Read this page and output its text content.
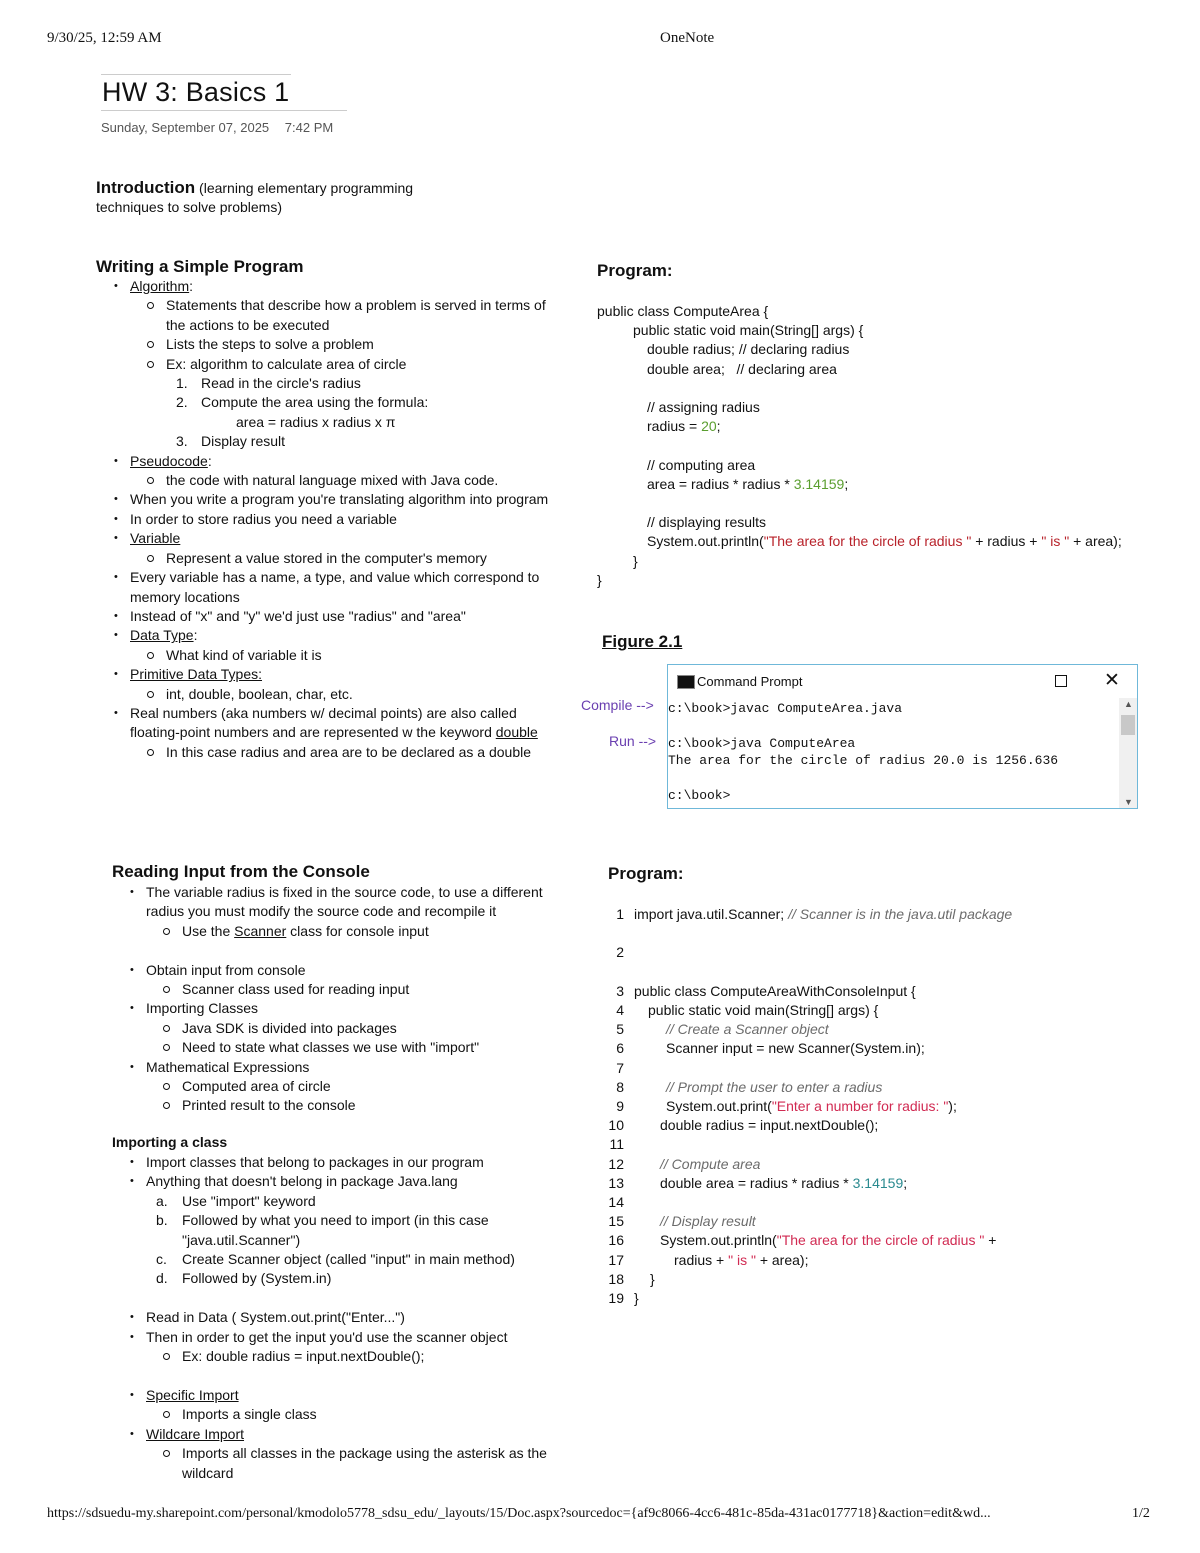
9/30/25, 12:59 AM	OneNote
HW 3: Basics 1
Sunday, September 07, 2025 7:42 PM
Introduction (learning elementary programming
techniques to solve problems)
Writing a Simple Program
• Algorithm:
Statements that describe how a problem is served in terms of
the actions to be executed
Lists the steps to solve a problem
Ex: algorithm to calculate area of circle
1. Read in the circle's radius
2. Compute the area using the formula:
area = radius x radius x π
3. Display result
• Pseudocode:
the code with natural language mixed with Java code.
• When you write a program you're translating algorithm into program
• In order to store radius you need a variable
• Variable
Represent a value stored in the computer's memory
• Every variable has a name, a type, and value which correspond to
memory locations
• Instead of "x" and "y" we'd just use "radius" and "area"
• Data Type:
What kind of variable it is
• Primitive Data Types:
int, double, boolean, char, etc.
• Real numbers (aka numbers w/ decimal points) are also called
floating-point numbers and are represented w the keyword double
In this case radius and area are to be declared as a double
Program:
public class ComputeArea {
public static void main(String[] args) {
double radius; // declaring radius
double area;   // declaring area

// assigning radius
radius = 20;

// computing area
area = radius * radius * 3.14159;

// displaying results
System.out.println("The area for the circle of radius " + radius + " is " + area);
}
}
Figure 2.1
Compile -->
Run -->
Command Prompt	✕
c:\book>javac ComputeArea.java
c:\book>java ComputeArea
The area for the circle of radius 20.0 is 1256.636
c:\book>
▲
▼
Reading Input from the Console
• The variable radius is fixed in the source code, to use a different
radius you must modify the source code and recompile it
Use the Scanner class for console input

• Obtain input from console
Scanner class used for reading input
• Importing Classes
Java SDK is divided into packages
Need to state what classes we use with "import"
• Mathematical Expressions
Computed area of circle
Printed result to the console
Importing a class
• Import classes that belong to packages in our program
• Anything that doesn't belong in package Java.lang
a. Use "import" keyword
b. Followed by what you need to import (in this case
"java.util.Scanner")
c. Create Scanner object (called "input" in main method)
d. Followed by (System.in)

• Read in Data ( System.out.print("Enter...")
• Then in order to get the input you'd use the scanner object
Ex: double radius = input.nextDouble();

• Specific Import
Imports a single class
• Wildcare Import
Imports all classes in the package using the asterisk as the
wildcard
Program:
1 import java.util.Scanner; // Scanner is in the java.util package

2

3 public class ComputeAreaWithConsoleInput {
4 public static void main(String[] args) {
5	// Create a Scanner object
6	Scanner input = new Scanner(System.in);
7
8	// Prompt the user to enter a radius
9	System.out.print("Enter a number for radius: ");
10	double radius = input.nextDouble();
11
12	// Compute area
13	double area = radius * radius * 3.14159;
14
15	// Display result
16	System.out.println("The area for the circle of radius " +
17	radius + " is " + area);
18 }
19 }
https://sdsuedu-my.sharepoint.com/personal/kmodolo5778_sdsu_edu/_layouts/15/Doc.aspx?sourcedoc={af9c8066-4cc6-481c-85da-431ac0177718}&action=edit&wd...	1/2
